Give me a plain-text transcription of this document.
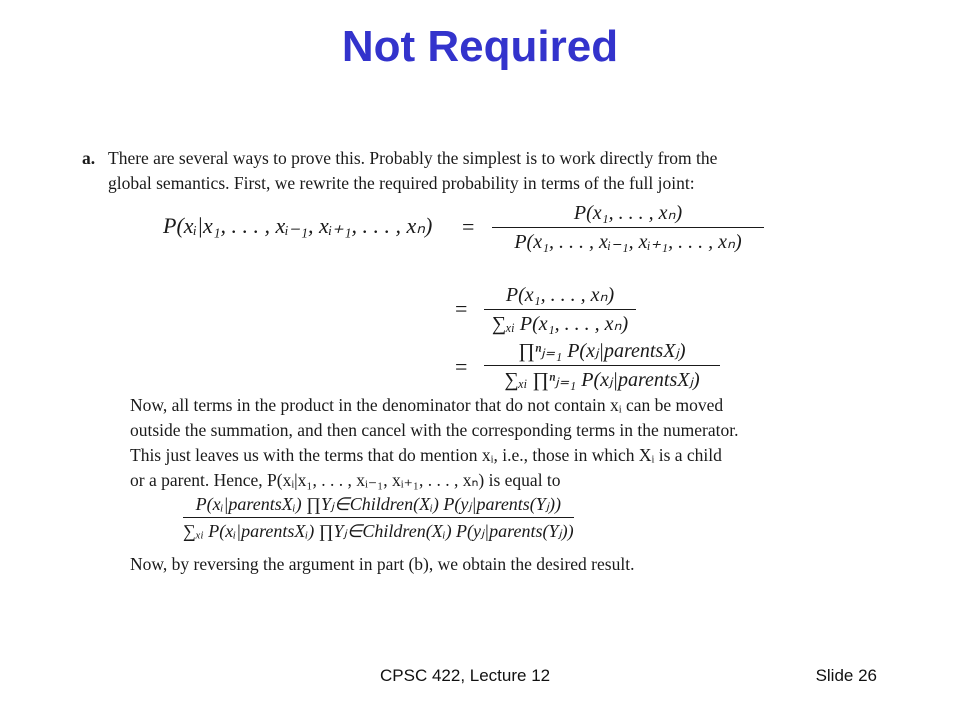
Not Required
a. There are several ways to prove this. Probably the simplest is to work directly from the
global semantics. First, we rewrite the required probability in terms of the full joint:
P(xᵢ|x₁, . . . , xᵢ₋₁, xᵢ₊₁, . . . , xₙ) =
P(x₁, . . . , xₙ)
P(x₁, . . . , xᵢ₋₁, xᵢ₊₁, . . . , xₙ)
=
P(x₁, . . . , xₙ)
∑ₓᵢ P(x₁, . . . , xₙ)
=
∏ⁿⱼ₌₁ P(xⱼ|parentsXⱼ)
∑ₓᵢ ∏ⁿⱼ₌₁ P(xⱼ|parentsXⱼ)
Now, all terms in the product in the denominator that do not contain xᵢ can be moved
outside the summation, and then cancel with the corresponding terms in the numerator.
This just leaves us with the terms that do mention xᵢ, i.e., those in which Xᵢ is a child
or a parent. Hence, P(xᵢ|x₁, . . . , xᵢ₋₁, xᵢ₊₁, . . . , xₙ) is equal to
P(xᵢ|parentsXᵢ) ∏Yⱼ∈Children(Xᵢ) P(yⱼ|parents(Yⱼ))
∑ₓᵢ P(xᵢ|parentsXᵢ) ∏Yⱼ∈Children(Xᵢ) P(yⱼ|parents(Yⱼ))
Now, by reversing the argument in part (b), we obtain the desired result.
CPSC 422, Lecture 12	Slide 26
